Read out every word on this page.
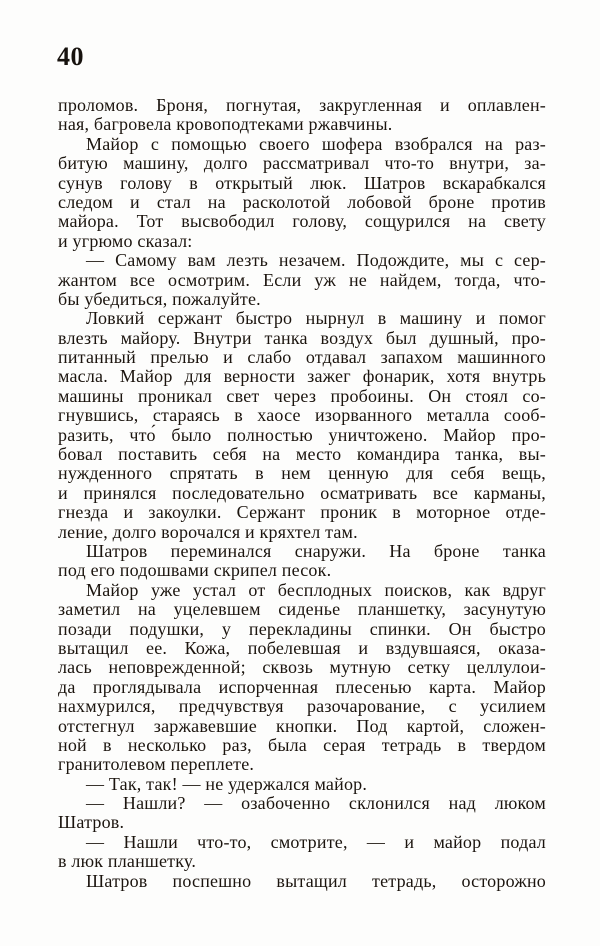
40
проломов. Броня, погнутая, закругленная и оплавлен-
ная, багровела кровоподтеками ржавчины.
Майор с помощью своего шофера взобрался на раз-
битую машину, долго рассматривал что-то внутри, за-
сунув голову в открытый люк. Шатров вскарабкался
следом и стал на расколотой лобовой броне против
майора. Тот высвободил голову, сощурился на свету
и угрюмо сказал:
— Самому вам лезть незачем. Подождите, мы с сер-
жантом все осмотрим. Если уж не найдем, тогда, что-
бы убедиться, пожалуйте.
Ловкий сержант быстро нырнул в машину и помог
влезть майору. Внутри танка воздух был душный, про-
питанный прелью и слабо отдавал запахом машинного
масла. Майор для верности зажег фонарик, хотя внутрь
машины проникал свет через пробоины. Он стоял со-
гнувшись, стараясь в хаосе изорванного металла сооб-
разить, что́ было полностью уничтожено. Майор про-
бовал поставить себя на место командира танка, вы-
нужденного спрятать в нем ценную для себя вещь,
и принялся последовательно осматривать все карманы,
гнезда и закоулки. Сержант проник в моторное отде-
ление, долго ворочался и кряхтел там.
Шатров переминался снаружи. На броне танка
под его подошвами скрипел песок.
Майор уже устал от бесплодных поисков, как вдруг
заметил на уцелевшем сиденье планшетку, засунутую
позади подушки, у перекладины спинки. Он быстро
вытащил ее. Кожа, побелевшая и вздувшаяся, оказа-
лась неповрежденной; сквозь мутную сетку целлулои-
да проглядывала испорченная плесенью карта. Майор
нахмурился, предчувствуя разочарование, с усилием
отстегнул заржавевшие кнопки. Под картой, сложен-
ной в несколько раз, была серая тетрадь в твердом
гранитолевом переплете.
— Так, так! — не удержался майор.
— Нашли? — озабоченно склонился над люком
Шатров.
— Нашли что-то, смотрите, — и майор подал
в люк планшетку.
Шатров поспешно вытащил тетрадь, осторожно
